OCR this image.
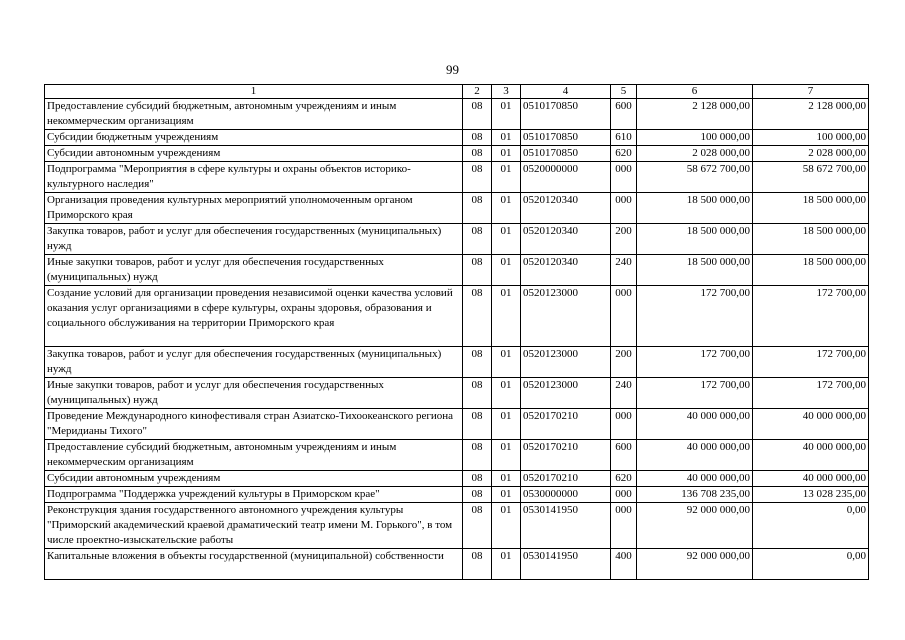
99
1	2	3	4	5	6	7
Предоставление субсидий бюджетным, автономным учреждениям и иным некоммерческим организациям	08	01	0510170850	600	2 128 000,00	2 128 000,00
Субсидии бюджетным учреждениям	08	01	0510170850	610	100 000,00	100 000,00
Субсидии автономным учреждениям	08	01	0510170850	620	2 028 000,00	2 028 000,00
Подпрограмма "Мероприятия в сфере культуры и охраны объектов историко-культурного наследия"	08	01	0520000000	000	58 672 700,00	58 672 700,00
Организация проведения культурных мероприятий уполномоченным органом Приморского края	08	01	0520120340	000	18 500 000,00	18 500 000,00
Закупка товаров, работ и услуг для обеспечения государственных (муниципальных) нужд	08	01	0520120340	200	18 500 000,00	18 500 000,00
Иные закупки товаров, работ и услуг для обеспечения государственных (муниципальных) нужд	08	01	0520120340	240	18 500 000,00	18 500 000,00
Создание условий для организации проведения независимой оценки качества условий оказания услуг организациями в сфере культуры, охраны здоровья, образования и социального обслуживания на территории Приморского края	08	01	0520123000	000	172 700,00	172 700,00
Закупка товаров, работ и услуг для обеспечения государственных (муниципальных) нужд	08	01	0520123000	200	172 700,00	172 700,00
Иные закупки товаров, работ и услуг для обеспечения государственных (муниципальных) нужд	08	01	0520123000	240	172 700,00	172 700,00
Проведение Международного кинофестиваля стран Азиатско-Тихоокеанского региона "Меридианы Тихого"	08	01	0520170210	000	40 000 000,00	40 000 000,00
Предоставление субсидий бюджетным, автономным учреждениям и иным некоммерческим организациям	08	01	0520170210	600	40 000 000,00	40 000 000,00
Субсидии автономным учреждениям	08	01	0520170210	620	40 000 000,00	40 000 000,00
Подпрограмма "Поддержка учреждений культуры в Приморском крае"	08	01	0530000000	000	136 708 235,00	13 028 235,00
Реконструкция здания государственного автономного учреждения культуры "Приморский академический краевой драматический театр имени М. Горького", в том числе проектно-изыскательские работы	08	01	0530141950	000	92 000 000,00	0,00
Капитальные вложения в объекты государственной (муниципальной) собственности	08	01	0530141950	400	92 000 000,00	0,00
